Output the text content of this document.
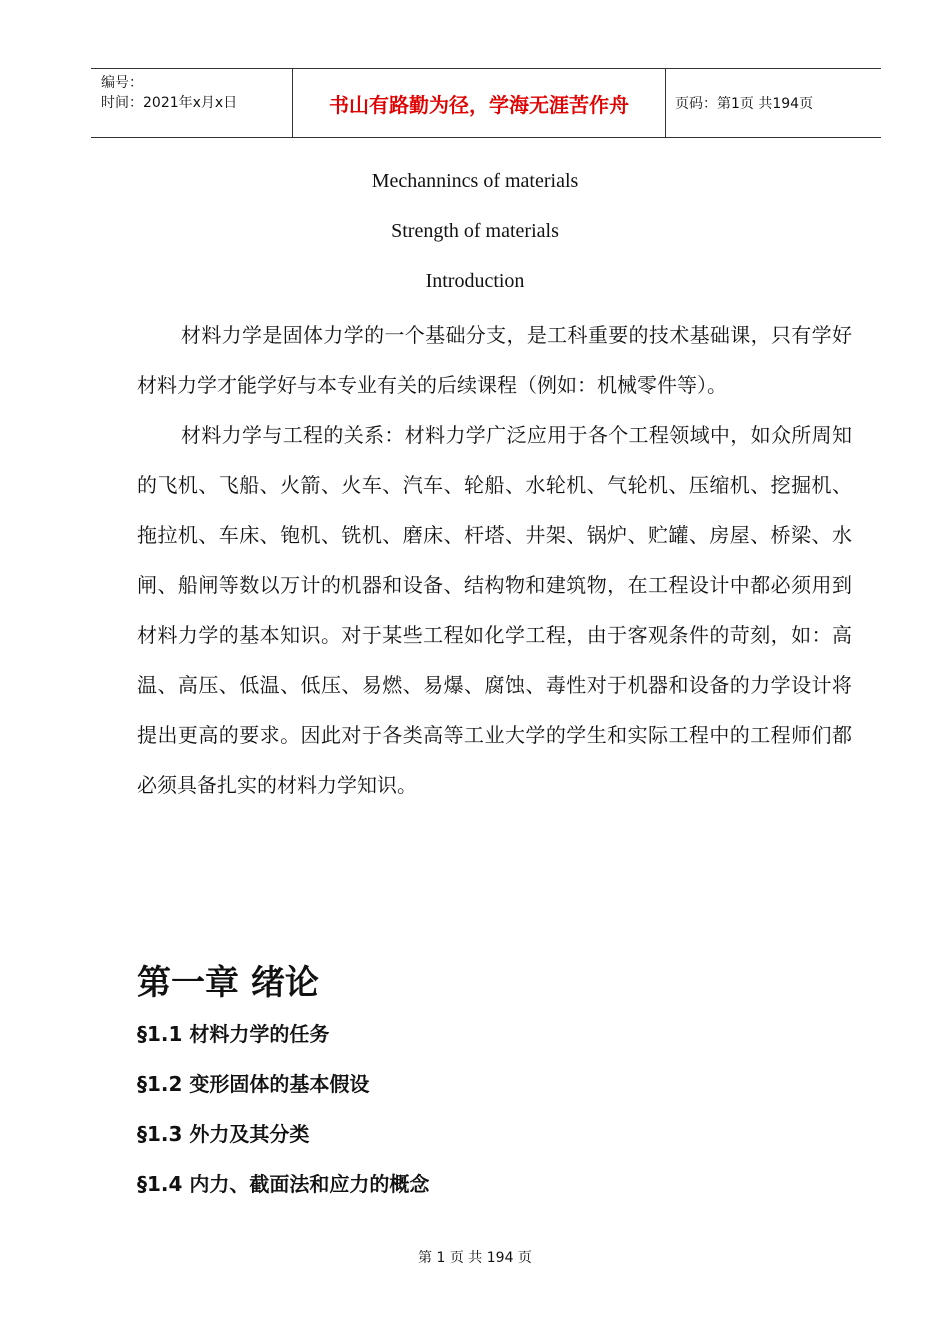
编号：
时间：2021年x月x日	书山有路勤为径，学海无涯苦作舟	页码：第1页 共194页
Mechannincs of materials
Strength of materials
Introduction

材料力学是固体力学的一个基础分支，是工科重要的技术基础课，只有学好材料力学才能学好与本专业有关的后续课程（例如：机械零件等）。

材料力学与工程的关系：材料力学广泛应用于各个工程领域中，如众所周知的飞机、飞船、火箭、火车、汽车、轮船、水轮机、气轮机、压缩机、挖掘机、拖拉机、车床、铇机、铣机、磨床、杆塔、井架、锅炉、贮罐、房屋、桥梁、水闸、船闸等数以万计的机器和设备、结构物和建筑物，在工程设计中都必须用到材料力学的基本知识。对于某些工程如化学工程，由于客观条件的苛刻，如：高温、高压、低温、低压、易燃、易爆、腐蚀、毒性对于机器和设备的力学设计将提出更高的要求。因此对于各类高等工业大学的学生和实际工程中的工程师们都必须具备扎实的材料力学知识。

第一章 绪论
§1.1 材料力学的任务
§1.2 变形固体的基本假设
§1.3 外力及其分类
§1.4 内力、截面法和应力的概念
第 1 页 共 194 页
